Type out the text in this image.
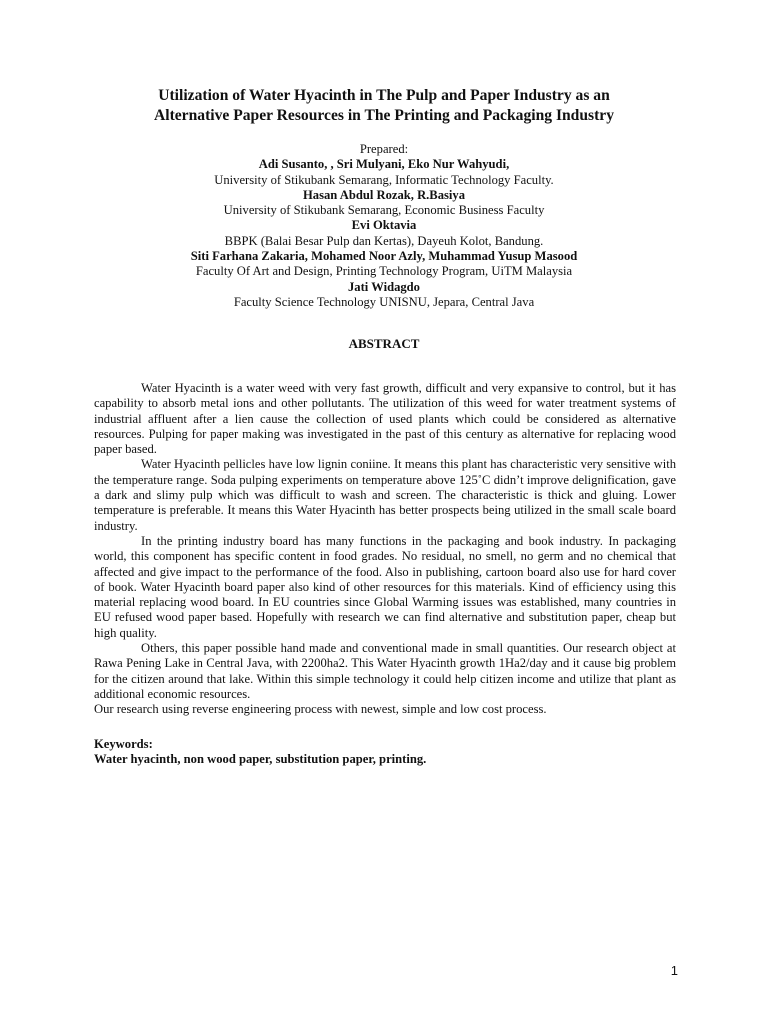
Utilization of Water Hyacinth in The Pulp and Paper Industry as an
Alternative Paper Resources in The Printing and Packaging Industry
Prepared:
Adi Susanto, , Sri Mulyani, Eko Nur Wahyudi,
University of Stikubank Semarang, Informatic Technology Faculty.
Hasan Abdul Rozak, R.Basiya
University of Stikubank Semarang, Economic Business Faculty
Evi Oktavia
BBPK (Balai Besar Pulp dan Kertas), Dayeuh Kolot, Bandung.
Siti Farhana Zakaria, Mohamed Noor Azly, Muhammad Yusup Masood
Faculty Of Art and Design, Printing Technology Program, UiTM Malaysia
Jati Widagdo
Faculty Science Technology UNISNU, Jepara, Central Java
ABSTRACT

Water Hyacinth is a water weed with very fast growth, difficult and very expansive to control, but it has capability to absorb metal ions and other pollutants. The utilization of this weed for water treatment systems of industrial affluent after a lien cause the collection of used plants which could be considered as alternative resources. Pulping for paper making was investigated in the past of this century as alternative for replacing wood paper based.

Water Hyacinth pellicles have low lignin coniine. It means this plant has characteristic very sensitive with the temperature range. Soda pulping experiments on temperature above 125˚C didn’t improve delignification, gave a dark and slimy pulp which was difficult to wash and screen. The characteristic is thick and gluing. Lower temperature is preferable. It means this Water Hyacinth has better prospects being utilized in the small scale board industry.

In the printing industry board has many functions in the packaging and book industry. In packaging world, this component has specific content in food grades. No residual, no smell, no germ and no chemical that affected and give impact to the performance of the food. Also in publishing, cartoon board also use for hard cover of book. Water Hyacinth board paper also kind of other resources for this materials. Kind of efficiency using this material replacing wood board. In EU countries since Global Warming issues was established, many countries in EU refused wood paper based. Hopefully with research we can find alternative and substitution paper, cheap but high quality.

Others, this paper possible hand made and conventional made in small quantities. Our research object at Rawa Pening Lake in Central Java, with 2200ha2. This Water Hyacinth growth 1Ha2/day and it cause big problem for the citizen around that lake. Within this simple technology it could help citizen income and utilize that plant as additional economic resources.

Our research using reverse engineering process with newest, simple and low cost process.

Keywords:
Water hyacinth, non wood paper, substitution paper, printing.
1
